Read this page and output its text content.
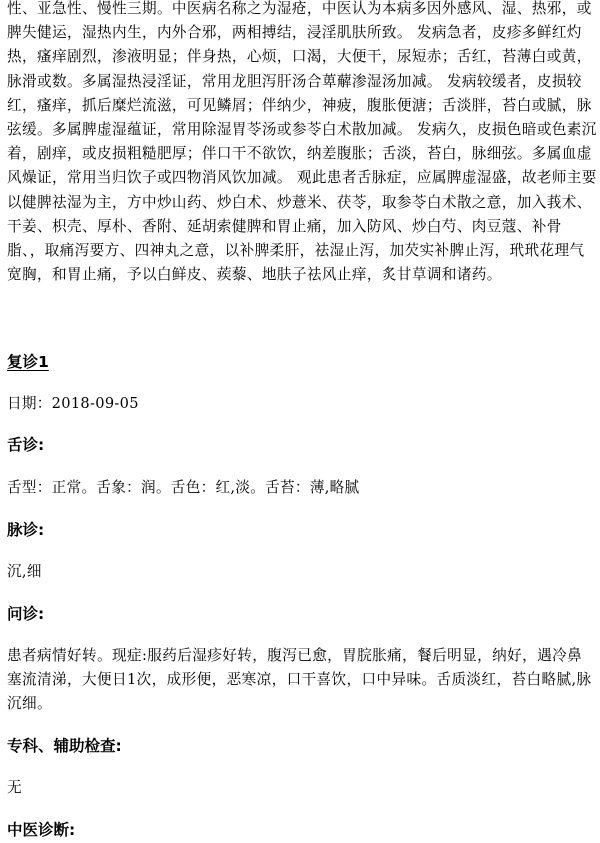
性、亚急性、慢性三期。中医病名称之为湿疮，中医认为本病多因外感风、湿、热邪，或脾失健运，湿热内生，内外合邪，两相搏结，浸淫肌肤所致。 发病急者，皮疹多鲜红灼热，瘙痒剧烈，渗液明显；伴身热，心烦，口渴，大便干，尿短赤；舌红，苔薄白或黄，脉滑或数。多属湿热浸淫证，常用龙胆泻肝汤合萆薢渗湿汤加减。 发病较缓者，皮损较红，瘙痒，抓后糜烂流滋，可见鳞屑；伴纳少，神疲，腹胀便溏；舌淡胖，苔白或腻，脉弦缓。多属脾虚湿蕴证，常用除湿胃苓汤或参苓白术散加减。 发病久，皮损色暗或色素沉着，剧痒，或皮损粗糙肥厚；伴口干不欲饮，纳差腹胀；舌淡，苔白，脉细弦。多属血虚风燥证，常用当归饮子或四物消风饮加减。 观此患者舌脉症，应属脾虚湿盛，故老师主要以健脾祛湿为主，方中炒山药、炒白术、炒薏米、茯苓，取参苓白术散之意，加入莪术、干姜、枳壳、厚朴、香附、延胡索健脾和胃止痛，加入防风、炒白芍、肉豆蔻、补骨脂、，取痛泻要方、四神丸之意，以补脾柔肝，祛湿止泻，加芡实补脾止泻，玳玳花理气宽胸，和胃止痛，予以白鲜皮、蒺藜、地肤子祛风止痒，炙甘草调和诸药。

复诊1

日期：2018-09-05

舌诊:

舌型：正常。舌象：润。舌色：红,淡。舌苔：薄,略腻

脉诊:

沉,细

问诊:

患者病情好转。现症:服药后湿疹好转，腹泻已愈，胃脘胀痛，餐后明显，纳好，遇冷鼻塞流清涕，大便日1次，成形便，恶寒凉，口干喜饮，口中异味。舌质淡红，苔白略腻,脉沉细。

专科、辅助检查:

无

中医诊断:
